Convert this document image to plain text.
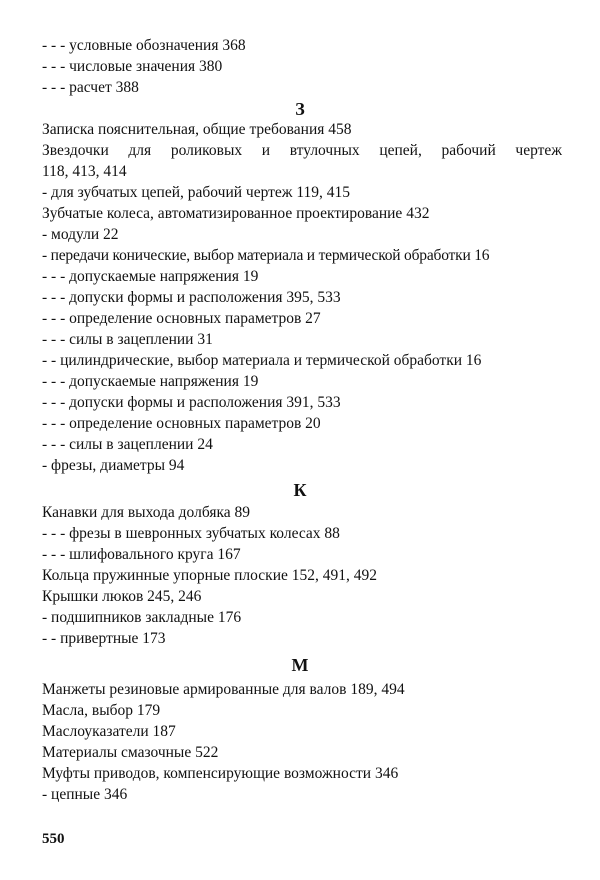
- - - условные обозначения 368
- - - числовые значения 380
- - - расчет 388
З
Записка пояснительная, общие требования 458
Звездочки для роликовых и втулочных цепей, рабочий чертеж
118, 413, 414
- для зубчатых цепей, рабочий чертеж 119, 415
Зубчатые колеса, автоматизированное проектирование 432
- модули 22
- передачи конические, выбор материала и термической обработки 16
- - - допускаемые напряжения 19
- - - допуски формы и расположения 395, 533
- - - определение основных параметров 27
- - - силы в зацеплении 31
- - цилиндрические, выбор материала и термической обработки 16
- - - допускаемые напряжения 19
- - - допуски формы и расположения 391, 533
- - - определение основных параметров 20
- - - силы в зацеплении 24
- фрезы, диаметры 94
К
Канавки для выхода долбяка 89
- - - фрезы в шевронных зубчатых колесах 88
- - - шлифовального круга 167
Кольца пружинные упорные плоские 152, 491, 492
Крышки люков 245, 246
- подшипников закладные 176
- - привертные 173
М
Манжеты резиновые армированные для валов 189, 494
Масла, выбор 179
Маслоуказатели 187
Материалы смазочные 522
Муфты приводов, компенсирующие возможности 346
- цепные 346
550
